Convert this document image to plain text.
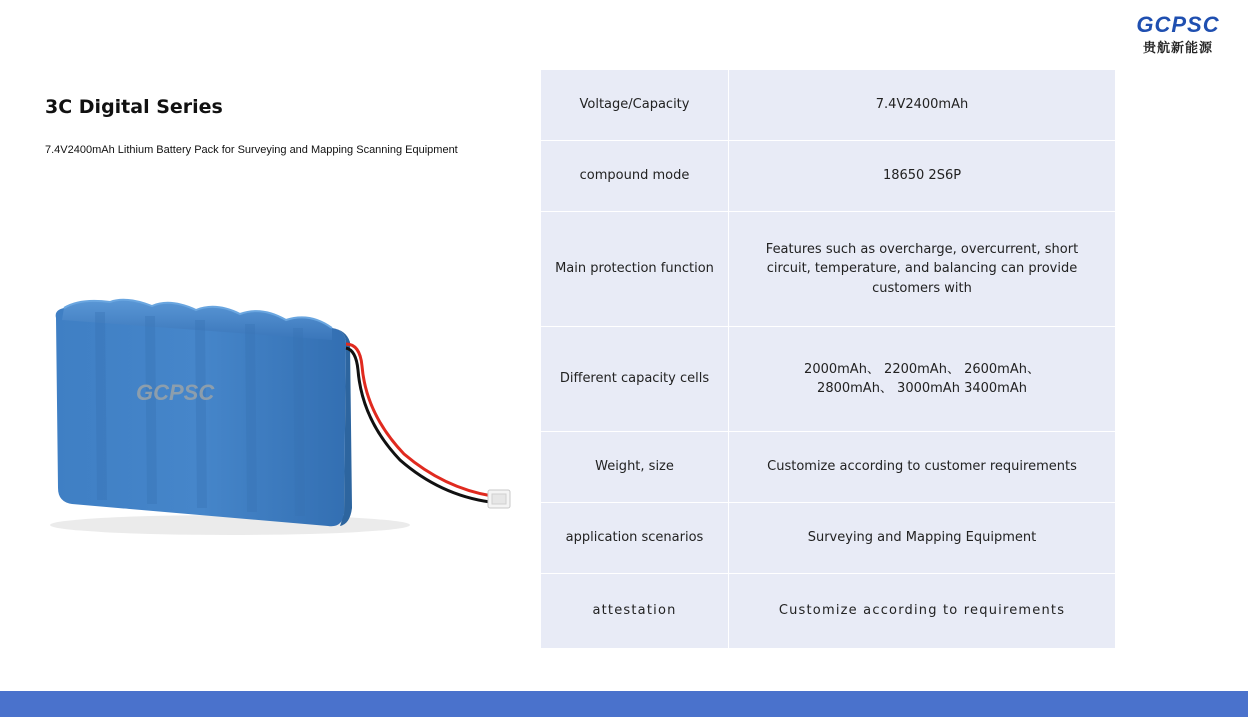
GCPSC
贵航新能源
3C Digital Series

7.4V2400mAh Lithium Battery Pack for Surveying and Mapping Scanning Equipment

GCPSC
Voltage/Capacity	7.4V2400mAh
compound mode	18650 2S6P
Main protection function	Features such as overcharge, overcurrent, short circuit, temperature, and balancing can provide customers with
Different capacity cells	2000mAh、 2200mAh、 2600mAh、 2800mAh、 3000mAh 3400mAh
Weight, size	Customize according to customer requirements
application scenarios	Surveying and Mapping Equipment
attestation	Customize according to requirements
